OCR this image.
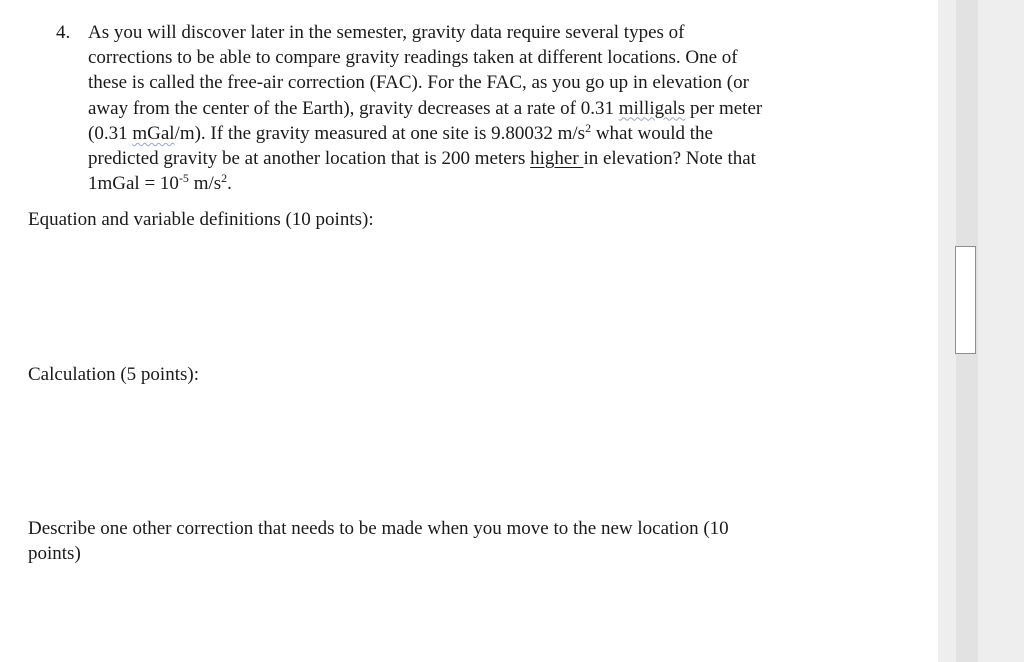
4. As you will discover later in the semester, gravity data require several types of
corrections to be able to compare gravity readings taken at different locations. One of
these is called the free-air correction (FAC). For the FAC, as you go up in elevation (or
away from the center of the Earth), gravity decreases at a rate of 0.31 milligals per meter
(0.31 mGal/m). If the gravity measured at one site is 9.80032 $m/s^2$ what would the
predicted gravity be at another location that is 200 meters higher in elevation? Note that
1mGal = $10^{-5}$ $m/s^2$.
Equation and variable definitions (10 points):
Calculation (5 points):
Describe one other correction that needs to be made when you move to the new location (10
points)
